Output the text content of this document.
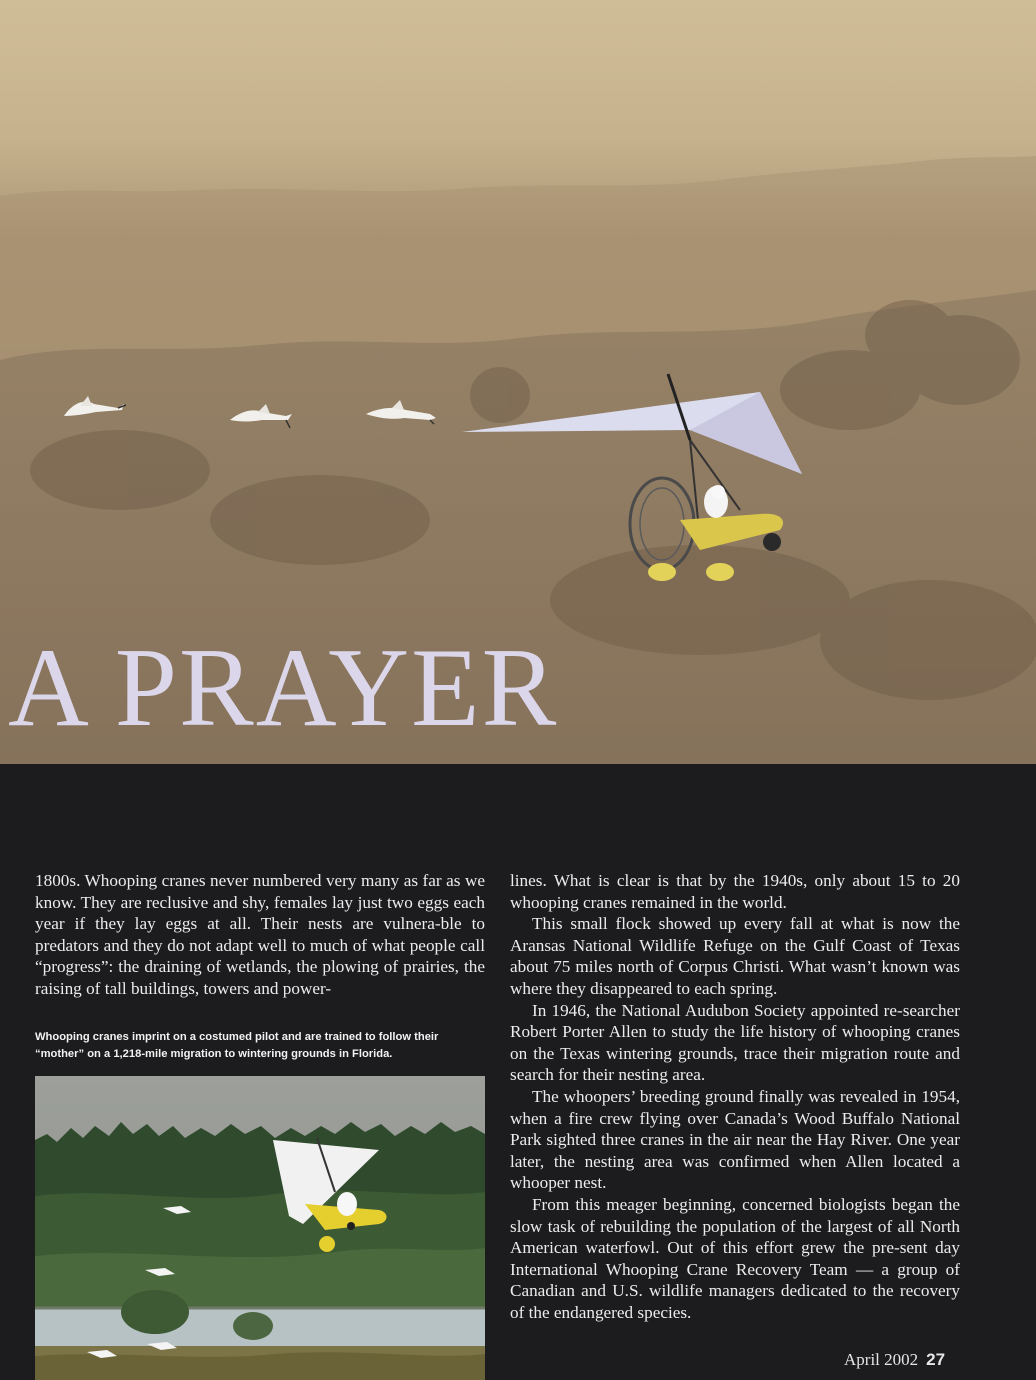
A PRAYER

1800s. Whooping cranes never numbered very many as far as we know. They are reclusive and shy, females lay just two eggs each year if they lay eggs at all. Their nests are vulnera-ble to predators and they do not adapt well to much of what people call “progress”: the draining of wetlands, the plowing of prairies, the raising of tall buildings, towers and power-

Whooping cranes imprint on a costumed pilot and are trained to follow their “mother” on a 1,218-mile migration to wintering grounds in Florida.

lines. What is clear is that by the 1940s, only about 15 to 20 whooping cranes remained in the world.

This small flock showed up every fall at what is now the Aransas National Wildlife Refuge on the Gulf Coast of Texas about 75 miles north of Corpus Christi. What wasn’t known was where they disappeared to each spring.

In 1946, the National Audubon Society appointed re-searcher Robert Porter Allen to study the life history of whooping cranes on the Texas wintering grounds, trace their migration route and search for their nesting area.

The whoopers’ breeding ground finally was revealed in 1954, when a fire crew flying over Canada’s Wood Buffalo National Park sighted three cranes in the air near the Hay River. One year later, the nesting area was confirmed when Allen located a whooper nest.

From this meager beginning, concerned biologists began the slow task of rebuilding the population of the largest of all North American waterfowl. Out of this effort grew the pre-sent day International Whooping Crane Recovery Team — a group of Canadian and U.S. wildlife managers dedicated to the recovery of the endangered species.

April 2002 27
